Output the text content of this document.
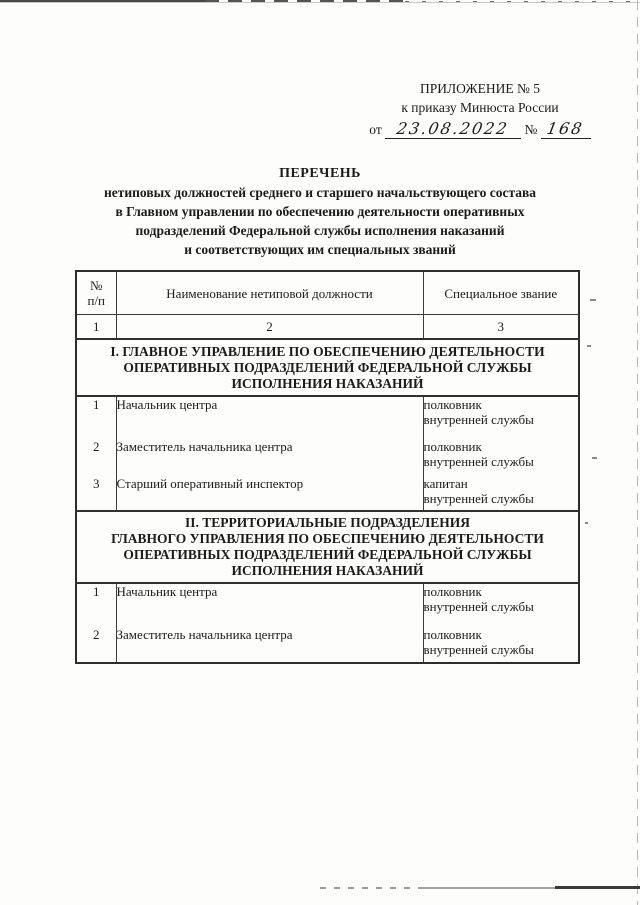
ПРИЛОЖЕНИЕ № 5
к приказу Минюста России
от 23.08.2022 № 168
ПЕРЕЧЕНЬ
нетиповых должностей среднего и старшего начальствующего состава
в Главном управлении по обеспечению деятельности оперативных
подразделений Федеральной службы исполнения наказаний
и соответствующих им специальных званий
№
п/п	Наименование нетиповой должности	Специальное звание
1	2	3

I. ГЛАВНОЕ УПРАВЛЕНИЕ ПО ОБЕСПЕЧЕНИЮ ДЕЯТЕЛЬНОСТИ
ОПЕРАТИВНЫХ ПОДРАЗДЕЛЕНИЙ ФЕДЕРАЛЬНОЙ СЛУЖБЫ
ИСПОЛНЕНИЯ НАКАЗАНИЙ		

1	Начальник центра	полковник
внутренней службы

2	Заместитель начальника центра	полковник
внутренней службы

3	Старший оперативный инспектор	капитан
внутренней службы

II. ТЕРРИТОРИАЛЬНЫЕ ПОДРАЗДЕЛЕНИЯ
ГЛАВНОГО УПРАВЛЕНИЯ ПО ОБЕСПЕЧЕНИЮ ДЕЯТЕЛЬНОСТИ
ОПЕРАТИВНЫХ ПОДРАЗДЕЛЕНИЙ ФЕДЕРАЛЬНОЙ СЛУЖБЫ
ИСПОЛНЕНИЯ НАКАЗАНИЙ		

1	Начальник центра	полковник
внутренней службы

2	Заместитель начальника центра	полковник
внутренней службы
